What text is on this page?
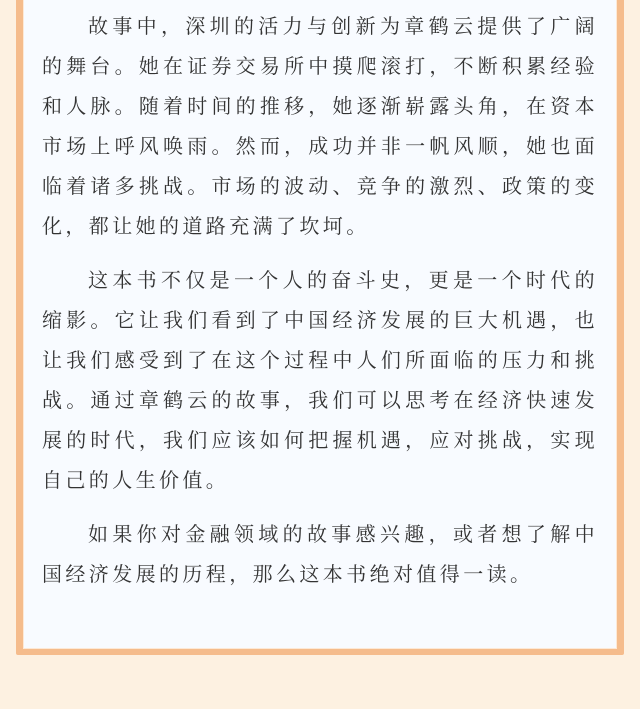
故事中，深圳的活力与创新为章鹤云提供了广阔的舞台。她在证券交易所中摸爬滚打，不断积累经验和人脉。随着时间的推移，她逐渐崭露头角，在资本市场上呼风唤雨。然而，成功并非一帆风顺，她也面临着诸多挑战。市场的波动、竞争的激烈、政策的变化，都让她的道路充满了坎坷。

这本书不仅是一个人的奋斗史，更是一个时代的缩影。它让我们看到了中国经济发展的巨大机遇，也让我们感受到了在这个过程中人们所面临的压力和挑战。通过章鹤云的故事，我们可以思考在经济快速发展的时代，我们应该如何把握机遇，应对挑战，实现自己的人生价值。

如果你对金融领域的故事感兴趣，或者想了解中国经济发展的历程，那么这本书绝对值得一读。
